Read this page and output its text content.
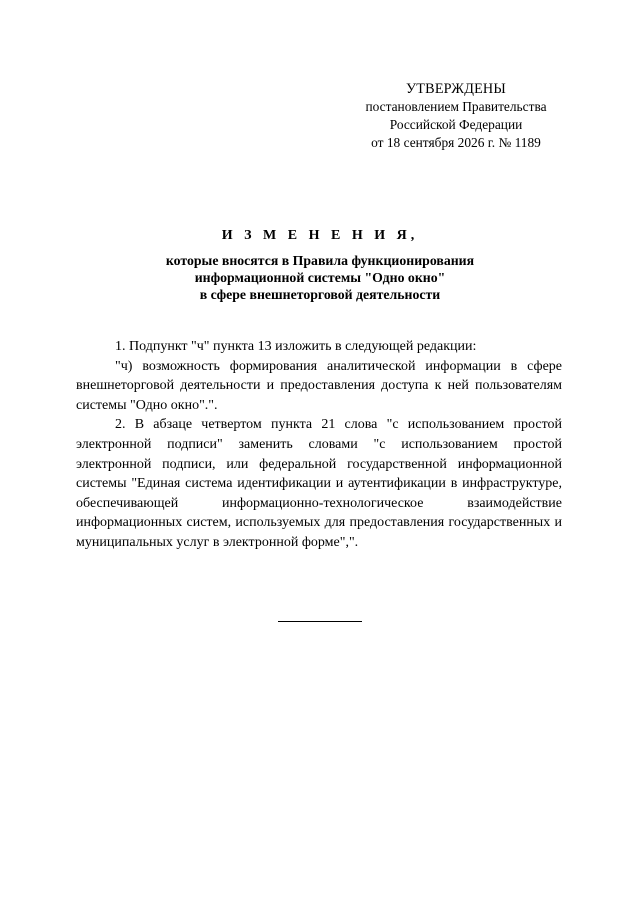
УТВЕРЖДЕНЫ
постановлением Правительства
Российской Федерации
от 18 сентября 2026 г. № 1189
И З М Е Н Е Н И Я,
которые вносятся в Правила функционирования
информационной системы "Одно окно"
в сфере внешнеторговой деятельности

1. Подпункт "ч" пункта 13 изложить в следующей редакции:

"ч) возможность формирования аналитической информации в сфере внешнеторговой деятельности и предоставления доступа к ней пользователям системы "Одно окно".".

2. В абзаце четвертом пункта 21 слова "с использованием простой электронной подписи" заменить словами "с использованием простой электронной подписи, или федеральной государственной информационной системы "Единая система идентификации и аутентификации в инфраструктуре, обеспечивающей информационно-технологическое взаимодействие информационных систем, используемых для предоставления государственных и муниципальных услуг в электронной форме",".
